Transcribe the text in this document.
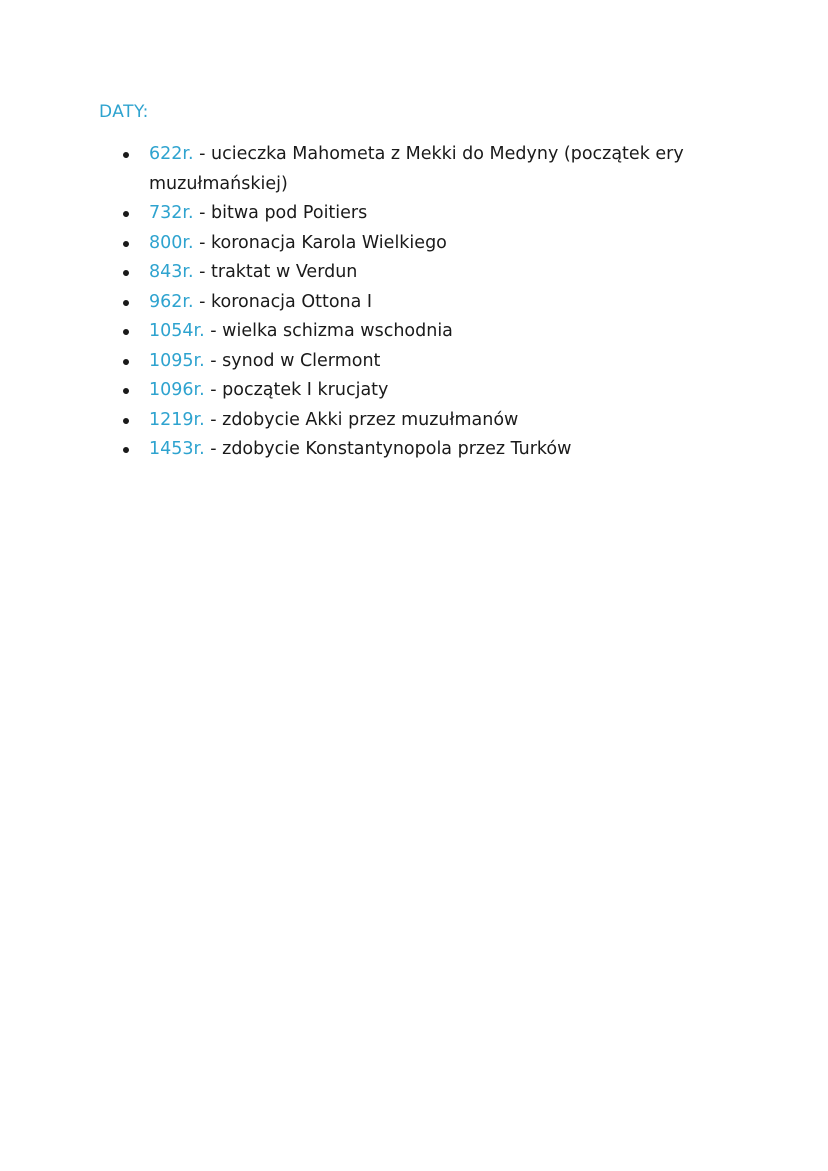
DATY:
622r. - ucieczka Mahometa z Mekki do Medyny (początek ery muzułmańskiej)
732r. - bitwa pod Poitiers
800r. - koronacja Karola Wielkiego
843r. - traktat w Verdun
962r. - koronacja Ottona I
1054r. - wielka schizma wschodnia
1095r. - synod w Clermont
1096r. - początek I krucjaty
1219r. - zdobycie Akki przez muzułmanów
1453r. - zdobycie Konstantynopola przez Turków
